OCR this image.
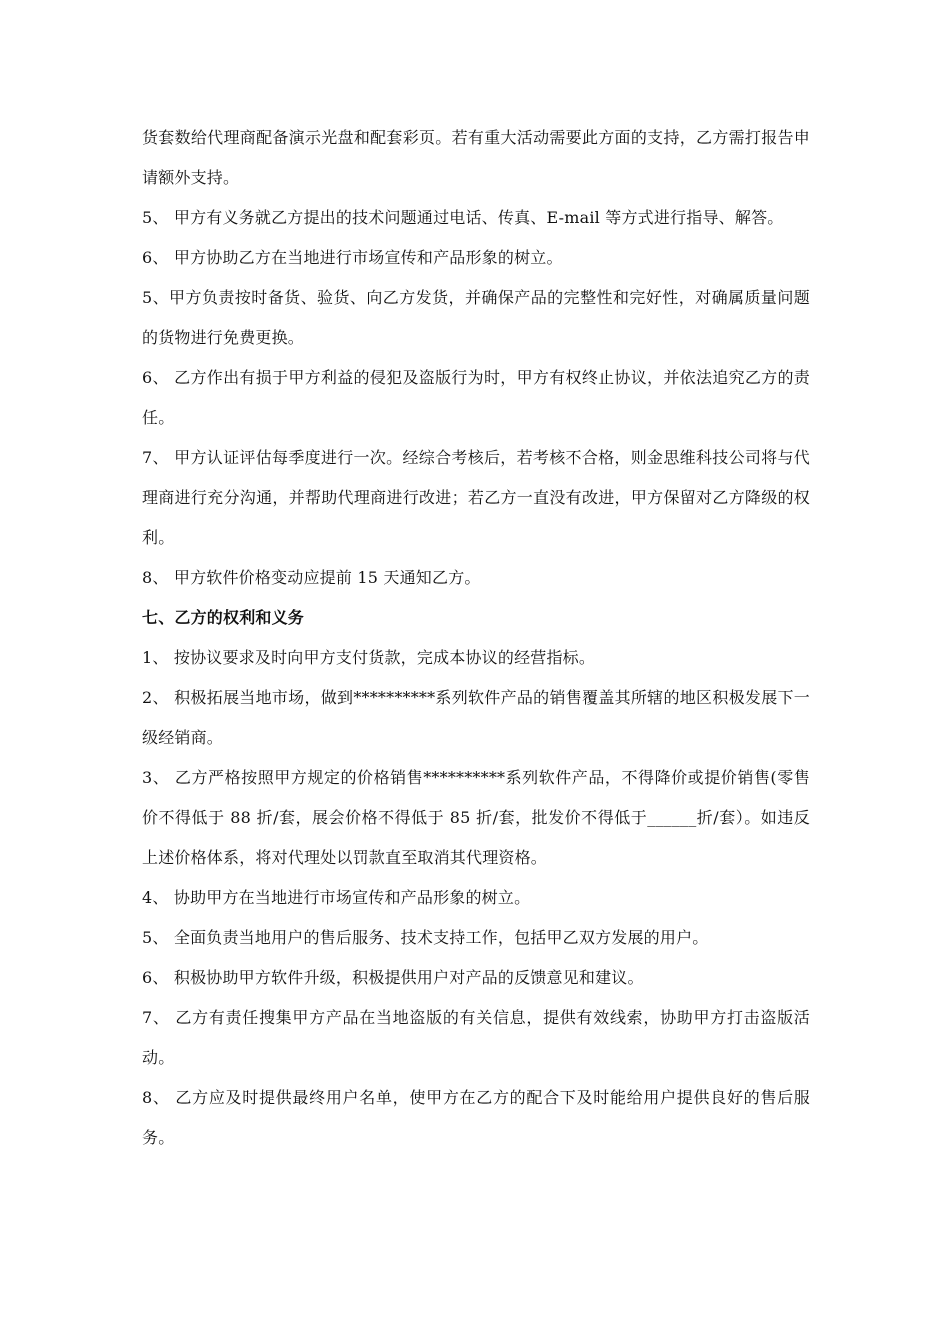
货套数给代理商配备演示光盘和配套彩页。若有重大活动需要此方面的支持，乙方需打报告申请额外支持。

5、 甲方有义务就乙方提出的技术问题通过电话、传真、E-mail 等方式进行指导、解答。

6、 甲方协助乙方在当地进行市场宣传和产品形象的树立。

5、甲方负责按时备货、验货、向乙方发货，并确保产品的完整性和完好性，对确属质量问题的货物进行免费更换。

6、 乙方作出有损于甲方利益的侵犯及盗版行为时，甲方有权终止协议，并依法追究乙方的责任。

7、 甲方认证评估每季度进行一次。经综合考核后，若考核不合格，则金思维科技公司将与代理商进行充分沟通，并帮助代理商进行改进；若乙方一直没有改进，甲方保留对乙方降级的权利。

8、 甲方软件价格变动应提前 15 天通知乙方。

七、乙方的权利和义务

1、 按协议要求及时向甲方支付货款，完成本协议的经营指标。

2、 积极拓展当地市场，做到**********系列软件产品的销售覆盖其所辖的地区积极发展下一级经销商。

3、 乙方严格按照甲方规定的价格销售**********系列软件产品，不得降价或提价销售(零售价不得低于 88 折/套，展会价格不得低于 85 折/套，批发价不得低于______折/套）。如违反上述价格体系，将对代理处以罚款直至取消其代理资格。

4、 协助甲方在当地进行市场宣传和产品形象的树立。

5、 全面负责当地用户的售后服务、技术支持工作，包括甲乙双方发展的用户。

6、 积极协助甲方软件升级，积极提供用户对产品的反馈意见和建议。

7、 乙方有责任搜集甲方产品在当地盗版的有关信息，提供有效线索，协助甲方打击盗版活动。

8、 乙方应及时提供最终用户名单，使甲方在乙方的配合下及时能给用户提供良好的售后服务。
